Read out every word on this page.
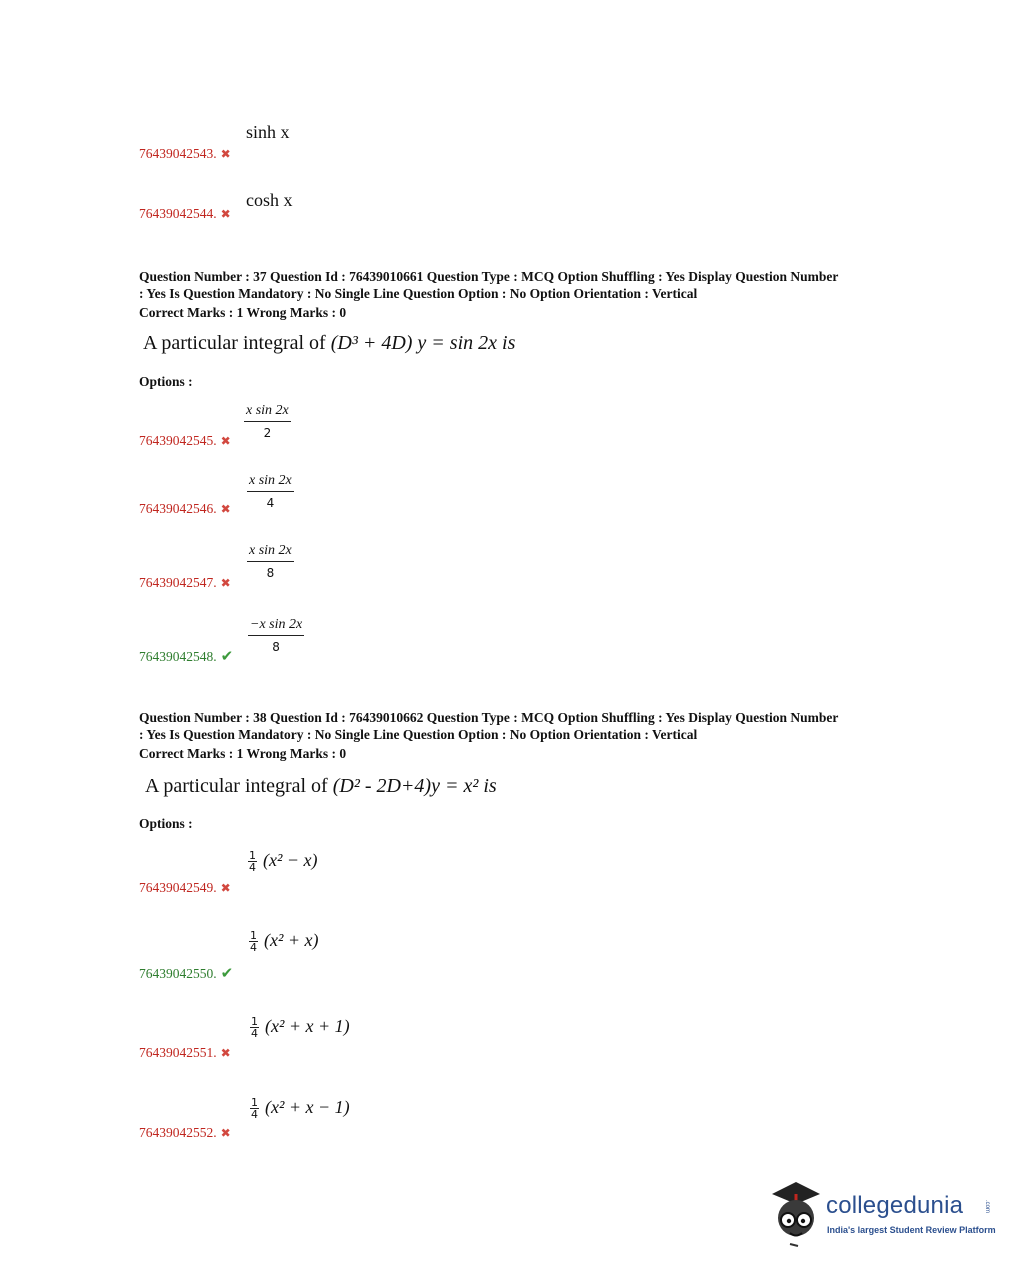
sinh x
76439042543. ✖
cosh x
76439042544. ✖
Question Number : 37 Question Id : 76439010661 Question Type : MCQ Option Shuffling : Yes Display Question Number
: Yes Is Question Mandatory : No Single Line Question Option : No Option Orientation : Vertical
Correct Marks : 1 Wrong Marks : 0
A particular integral of (D³ + 4D) y = sin 2x is
Options :
$\frac{\text{x sin 2x}}{2}$
76439042545. ✖
$\frac{\text{x sin 2x}}{4}$
76439042546. ✖
$\frac{\text{x sin 2x}}{8}$
76439042547. ✖
$\frac{\text{−x sin 2x}}{8}$
76439042548. ✔
Question Number : 38 Question Id : 76439010662 Question Type : MCQ Option Shuffling : Yes Display Question Number
: Yes Is Question Mandatory : No Single Line Question Option : No Option Orientation : Vertical
Correct Marks : 1 Wrong Marks : 0
A particular integral of (D² - 2D+4)y = x² is
Options :
$\frac{1}{4} (x^2 - x)$
76439042549. ✖
$\frac{1}{4} (x^2 + x)$
76439042550. ✔
$\frac{1}{4} (x^2 + x + 1)$
76439042551. ✖
$\frac{1}{4} (x^2 + x - 1)$
76439042552. ✖
collegedunia	.com
India's largest Student Review Platform
